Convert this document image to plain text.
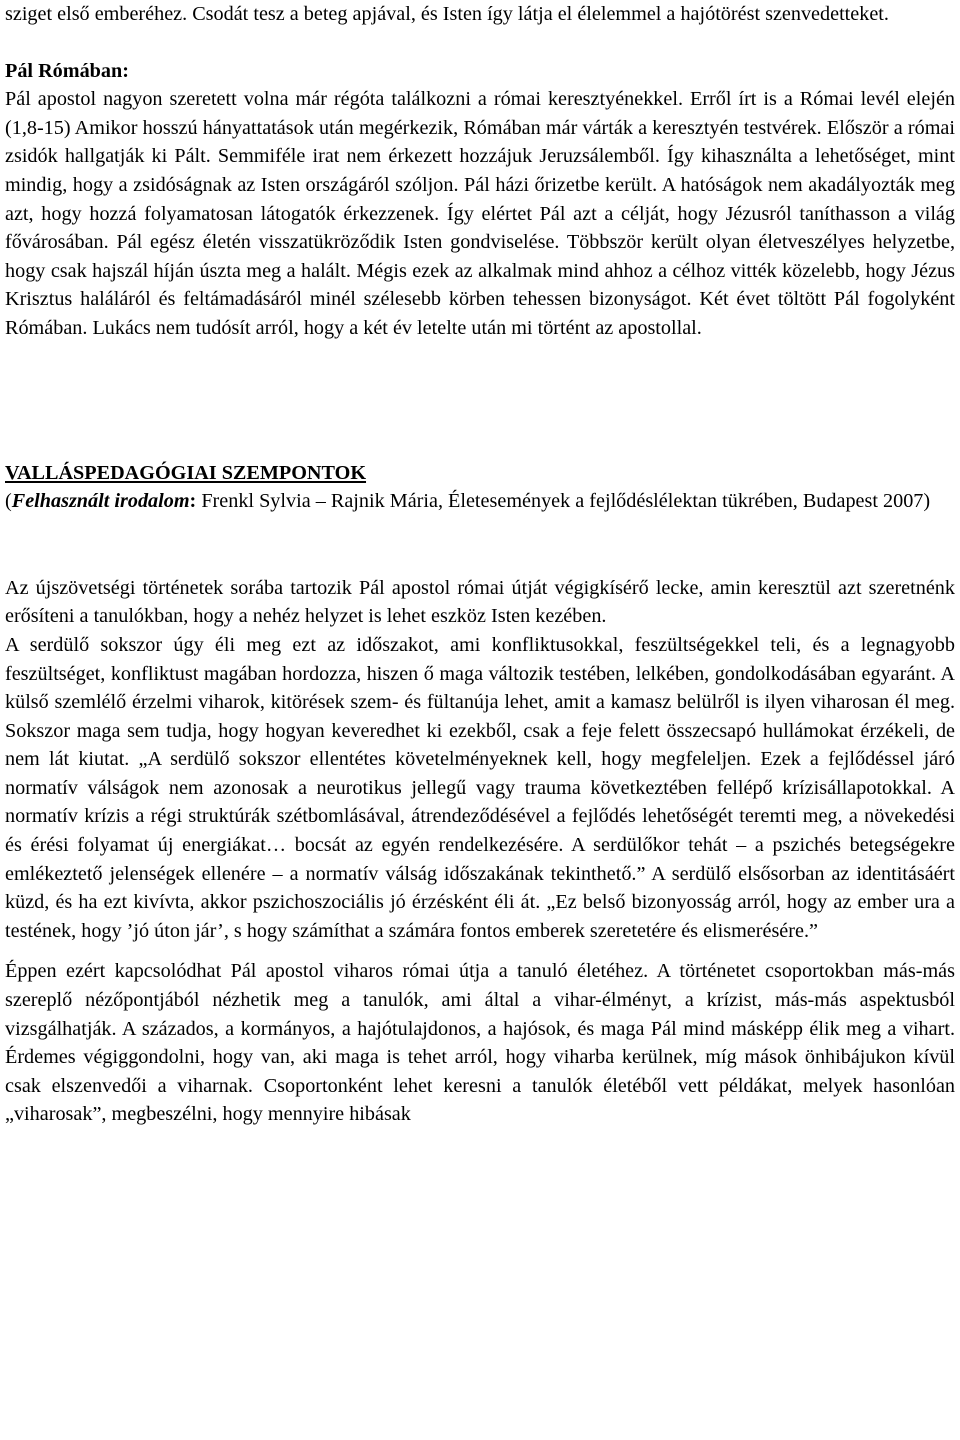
sziget első emberéhez. Csodát tesz a beteg apjával, és Isten így látja el élelemmel a hajótörést szenvedetteket.

Pál Rómában:

Pál apostol nagyon szeretett volna már régóta találkozni a római keresztyénekkel. Erről írt is a Római levél elején (1,8-15) Amikor hosszú hányattatások után megérkezik, Rómában már várták a keresztyén testvérek. Először a római zsidók hallgatják ki Pált. Semmiféle irat nem érkezett hozzájuk Jeruzsálemből. Így kihasználta a lehetőséget, mint mindig, hogy a zsidóságnak az Isten országáról szóljon. Pál házi őrizetbe került. A hatóságok nem akadályozták meg azt, hogy hozzá folyamatosan látogatók érkezzenek. Így elértet Pál azt a célját, hogy Jézusról taníthasson a világ fővárosában. Pál egész életén visszatükröződik Isten gondviselése. Többször került olyan életveszélyes helyzetbe, hogy csak hajszál híján úszta meg a halált. Mégis ezek az alkalmak mind ahhoz a célhoz vitték közelebb, hogy Jézus Krisztus haláláról és feltámadásáról minél szélesebb körben tehessen bizonyságot. Két évet töltött Pál fogolyként Rómában. Lukács nem tudósít arról, hogy a két év letelte után mi történt az apostollal.

VALLÁSPEDAGÓGIAI SZEMPONTOK

(Felhasznált irodalom: Frenkl Sylvia – Rajnik Mária, Életesemények a fejlődéslélektan tükrében, Budapest 2007)

Az újszövetségi történetek sorába tartozik Pál apostol római útját végigkísérő lecke, amin keresztül azt szeretnénk erősíteni a tanulókban, hogy a nehéz helyzet is lehet eszköz Isten kezében.

A serdülő sokszor úgy éli meg ezt az időszakot, ami konfliktusokkal, feszültségekkel teli, és a legnagyobb feszültséget, konfliktust magában hordozza, hiszen ő maga változik testében, lelkében, gondolkodásában egyaránt. A külső szemlélő érzelmi viharok, kitörések szem- és fültanúja lehet, amit a kamasz belülről is ilyen viharosan él meg. Sokszor maga sem tudja, hogy hogyan keveredhet ki ezekből, csak a feje felett összecsapó hullámokat érzékeli, de nem lát kiutat. „A serdülő sokszor ellentétes követelményeknek kell, hogy megfeleljen. Ezek a fejlődéssel járó normatív válságok nem azonosak a neurotikus jellegű vagy trauma következtében fellépő krízisállapotokkal. A normatív krízis a régi struktúrák szétbomlásával, átrendeződésével a fejlődés lehetőségét teremti meg, a növekedési és érési folyamat új energiákat… bocsát az egyén rendelkezésére. A serdülőkor tehát – a pszichés betegségekre emlékeztető jelenségek ellenére – a normatív válság időszakának tekinthető.” A serdülő elsősorban az identitásáért küzd, és ha ezt kivívta, akkor pszichoszociális jó érzésként éli át. „Ez belső bizonyosság arról, hogy az ember ura a testének, hogy ’jó úton jár’, s hogy számíthat a számára fontos emberek szeretetére és elismerésére.”

Éppen ezért kapcsolódhat Pál apostol viharos római útja a tanuló életéhez. A történetet csoportokban más-más szereplő nézőpontjából nézhetik meg a tanulók, ami által a vihar-élményt, a krízist, más-más aspektusból vizsgálhatják. A százados, a kormányos, a hajótulajdonos, a hajósok, és maga Pál mind másképp élik meg a vihart. Érdemes végiggondolni, hogy van, aki maga is tehet arról, hogy viharba kerülnek, míg mások önhibájukon kívül csak elszenvedői a viharnak. Csoportonként lehet keresni a tanulók életéből vett példákat, melyek hasonlóan „viharosak”, megbeszélni, hogy mennyire hibásak
